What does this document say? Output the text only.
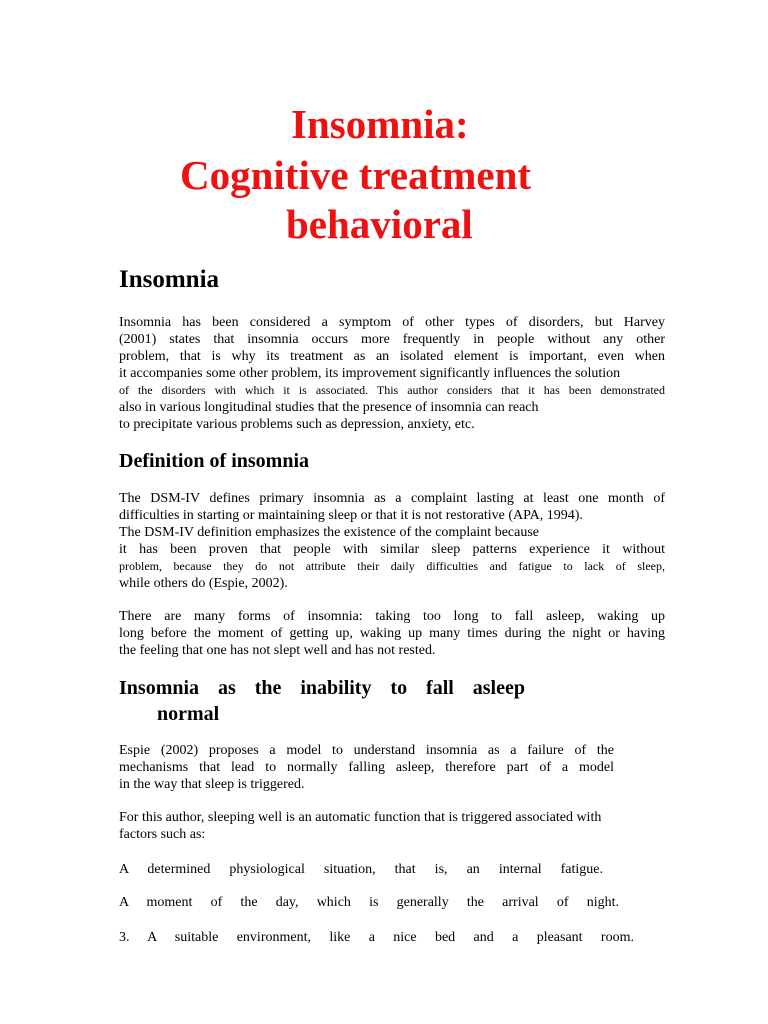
Insomnia:
Cognitive treatment
behavioral
Insomnia
Insomnia has been considered a symptom of other types of disorders, but Harvey
(2001) states that insomnia occurs more frequently in people without any other
problem, that is why its treatment as an isolated element is important, even when
it accompanies some other problem, its improvement significantly influences the solution
of the disorders with which it is associated. This author considers that it has been demonstrated
also in various longitudinal studies that the presence of insomnia can reach
to precipitate various problems such as depression, anxiety, etc.
Definition of insomnia
The DSM-IV defines primary insomnia as a complaint lasting at least one month of
difficulties in starting or maintaining sleep or that it is not restorative (APA, 1994).
The DSM-IV definition emphasizes the existence of the complaint because
it has been proven that people with similar sleep patterns experience it without
problem, because they do not attribute their daily difficulties and fatigue to lack of sleep,
while others do (Espie, 2002).
There are many forms of insomnia: taking too long to fall asleep, waking up
long before the moment of getting up, waking up many times during the night or having
the feeling that one has not slept well and has not rested.
Insomnia as the inability to fall asleep
normal
Espie (2002) proposes a model to understand insomnia as a failure of the
mechanisms that lead to normally falling asleep, therefore part of a model
in the way that sleep is triggered.
For this author, sleeping well is an automatic function that is triggered associated with
factors such as:
A determined physiological situation, that is, an internal fatigue.
A moment of the day, which is generally the arrival of night.
3. A suitable environment, like a nice bed and a pleasant room.
